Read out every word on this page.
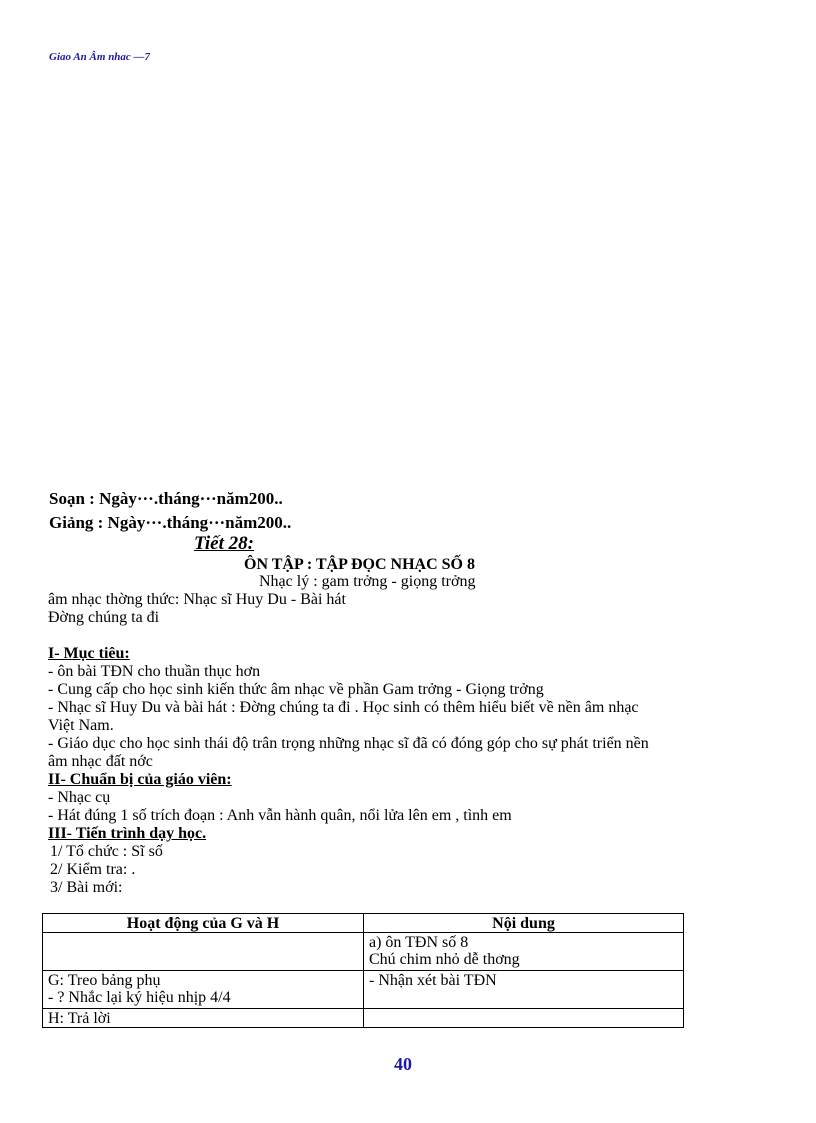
Giao An Âm nhac —7
Soạn : Ngày···.tháng···năm200..
Giảng : Ngày···.tháng···năm200..
Tiết 28:
ÔN TẬP : TẬP ĐỌC NHẠC SỐ 8
Nhạc lý : gam trởng - giọng trởng
âm nhạc thờng thức: Nhạc sĩ Huy Du - Bài hát
Đờng chúng ta đi
I- Mục tiêu:
- ôn bài TĐN cho thuần thục hơn
- Cung cấp cho học sinh kiến thức âm nhạc về phần Gam trởng - Giọng trởng
- Nhạc sĩ Huy Du và bài hát : Đờng chúng ta đi . Học sinh có thêm hiểu biết về nền âm nhạc
Việt Nam.
- Giáo dục cho học sinh thái độ trân trọng những nhạc sĩ đã có đóng góp cho sự phát triển nền
âm nhạc đất nớc
II- Chuẩn bị của giáo viên:
- Nhạc cụ
- Hát đúng 1 số trích đoạn : Anh vẫn hành quân, nổi lửa lên em , tình em
III- Tiến trình dạy học.
1/ Tổ chức : Sĩ số
2/ Kiểm tra: .
3/ Bài mới:
Hoạt động của G và H	Nội dung

	a) ôn TĐN số 8
Chú chim nhỏ dễ thơng

G: Treo bảng phụ
- ? Nhắc lại ký hiệu nhịp 4/4	- Nhận xét bài TĐN

H: Trả lời	

40
